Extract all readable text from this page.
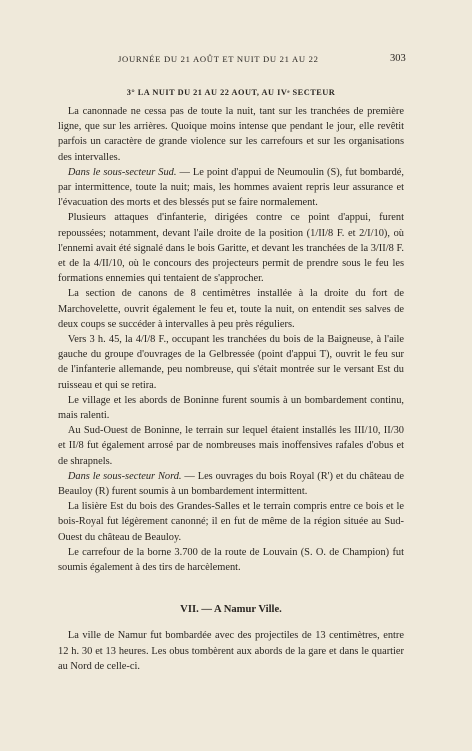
JOURNÉE DU 21 AOÛT ET NUIT DU 21 AU 22	303
3° LA NUIT DU 21 AU 22 AOUT, AU IVᵉ SECTEUR

La canonnade ne cessa pas de toute la nuit, tant sur les tranchées de première ligne, que sur les arrières. Quoique moins intense que pendant le jour, elle revêtit parfois un caractère de grande violence sur les carrefours et sur les organisations des intervalles.

Dans le sous-secteur Sud. — Le point d'appui de Neumoulin (S), fut bombardé, par intermittence, toute la nuit; mais, les hommes avaient repris leur assurance et l'évacuation des morts et des blessés put se faire normalement.

Plusieurs attaques d'infanterie, dirigées contre ce point d'appui, furent repoussées; notamment, devant l'aile droite de la position (1/II/8 F. et 2/I/10), où l'ennemi avait été signalé dans le bois Garitte, et devant les tranchées de la 3/II/8 F. et de la 4/II/10, où le concours des projecteurs permit de prendre sous le feu les formations ennemies qui tentaient de s'approcher.

La section de canons de 8 centimètres installée à la droite du fort de Marchovelette, ouvrit également le feu et, toute la nuit, on entendit ses salves de deux coups se succéder à intervalles à peu près réguliers.

Vers 3 h. 45, la 4/I/8 F., occupant les tranchées du bois de la Baigneuse, à l'aile gauche du groupe d'ouvrages de la Gelbressée (point d'appui T), ouvrit le feu sur de l'infanterie allemande, peu nombreuse, qui s'était montrée sur le versant Est du ruisseau et qui se retira.

Le village et les abords de Boninne furent soumis à un bombardement continu, mais ralenti.

Au Sud-Ouest de Boninne, le terrain sur lequel étaient installés les III/10, II/30 et II/8 fut également arrosé par de nombreuses mais inoffensives rafales d'obus et de shrapnels.

Dans le sous-secteur Nord. — Les ouvrages du bois Royal (R') et du château de Beauloy (R) furent soumis à un bombardement intermittent.

La lisière Est du bois des Grandes-Salles et le terrain compris entre ce bois et le bois-Royal fut légèrement canonné; il en fut de même de la région située au Sud-Ouest du château de Beauloy.

Le carrefour de la borne 3.700 de la route de Louvain (S. O. de Champion) fut soumis également à des tirs de harcèlement.

VII. — A Namur Ville.

La ville de Namur fut bombardée avec des projectiles de 13 centimètres, entre 12 h. 30 et 13 heures. Les obus tombèrent aux abords de la gare et dans le quartier au Nord de celle-ci.
